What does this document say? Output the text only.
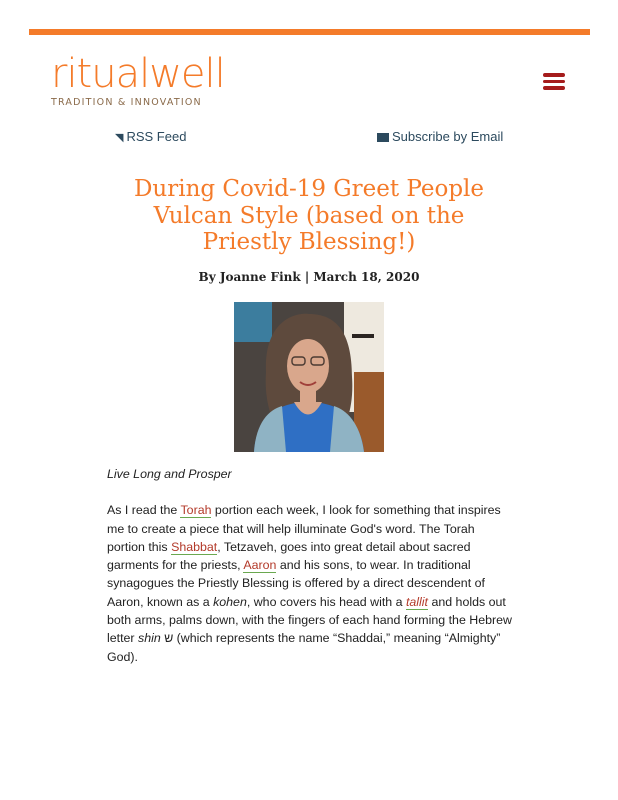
ritualwell
TRADITION & INNOVATION
◥ RSS Feed	Subscribe by Email
During Covid-19 Greet People Vulcan Style (based on the Priestly Blessing!)
By Joanne Fink | March 18, 2020

Live Long and Prosper

As I read the Torah portion each week, I look for something that inspires me to create a piece that will help illuminate God's word. The Torah portion this Shabbat, Tetzaveh, goes into great detail about sacred garments for the priests, Aaron and his sons, to wear. In traditional synagogues the Priestly Blessing is offered by a direct descendent of Aaron, known as a kohen, who covers his head with a tallit and holds out both arms, palms down, with the fingers of each hand forming the Hebrew letter shin ש (which represents the name “Shaddai,” meaning “Almighty” God).
